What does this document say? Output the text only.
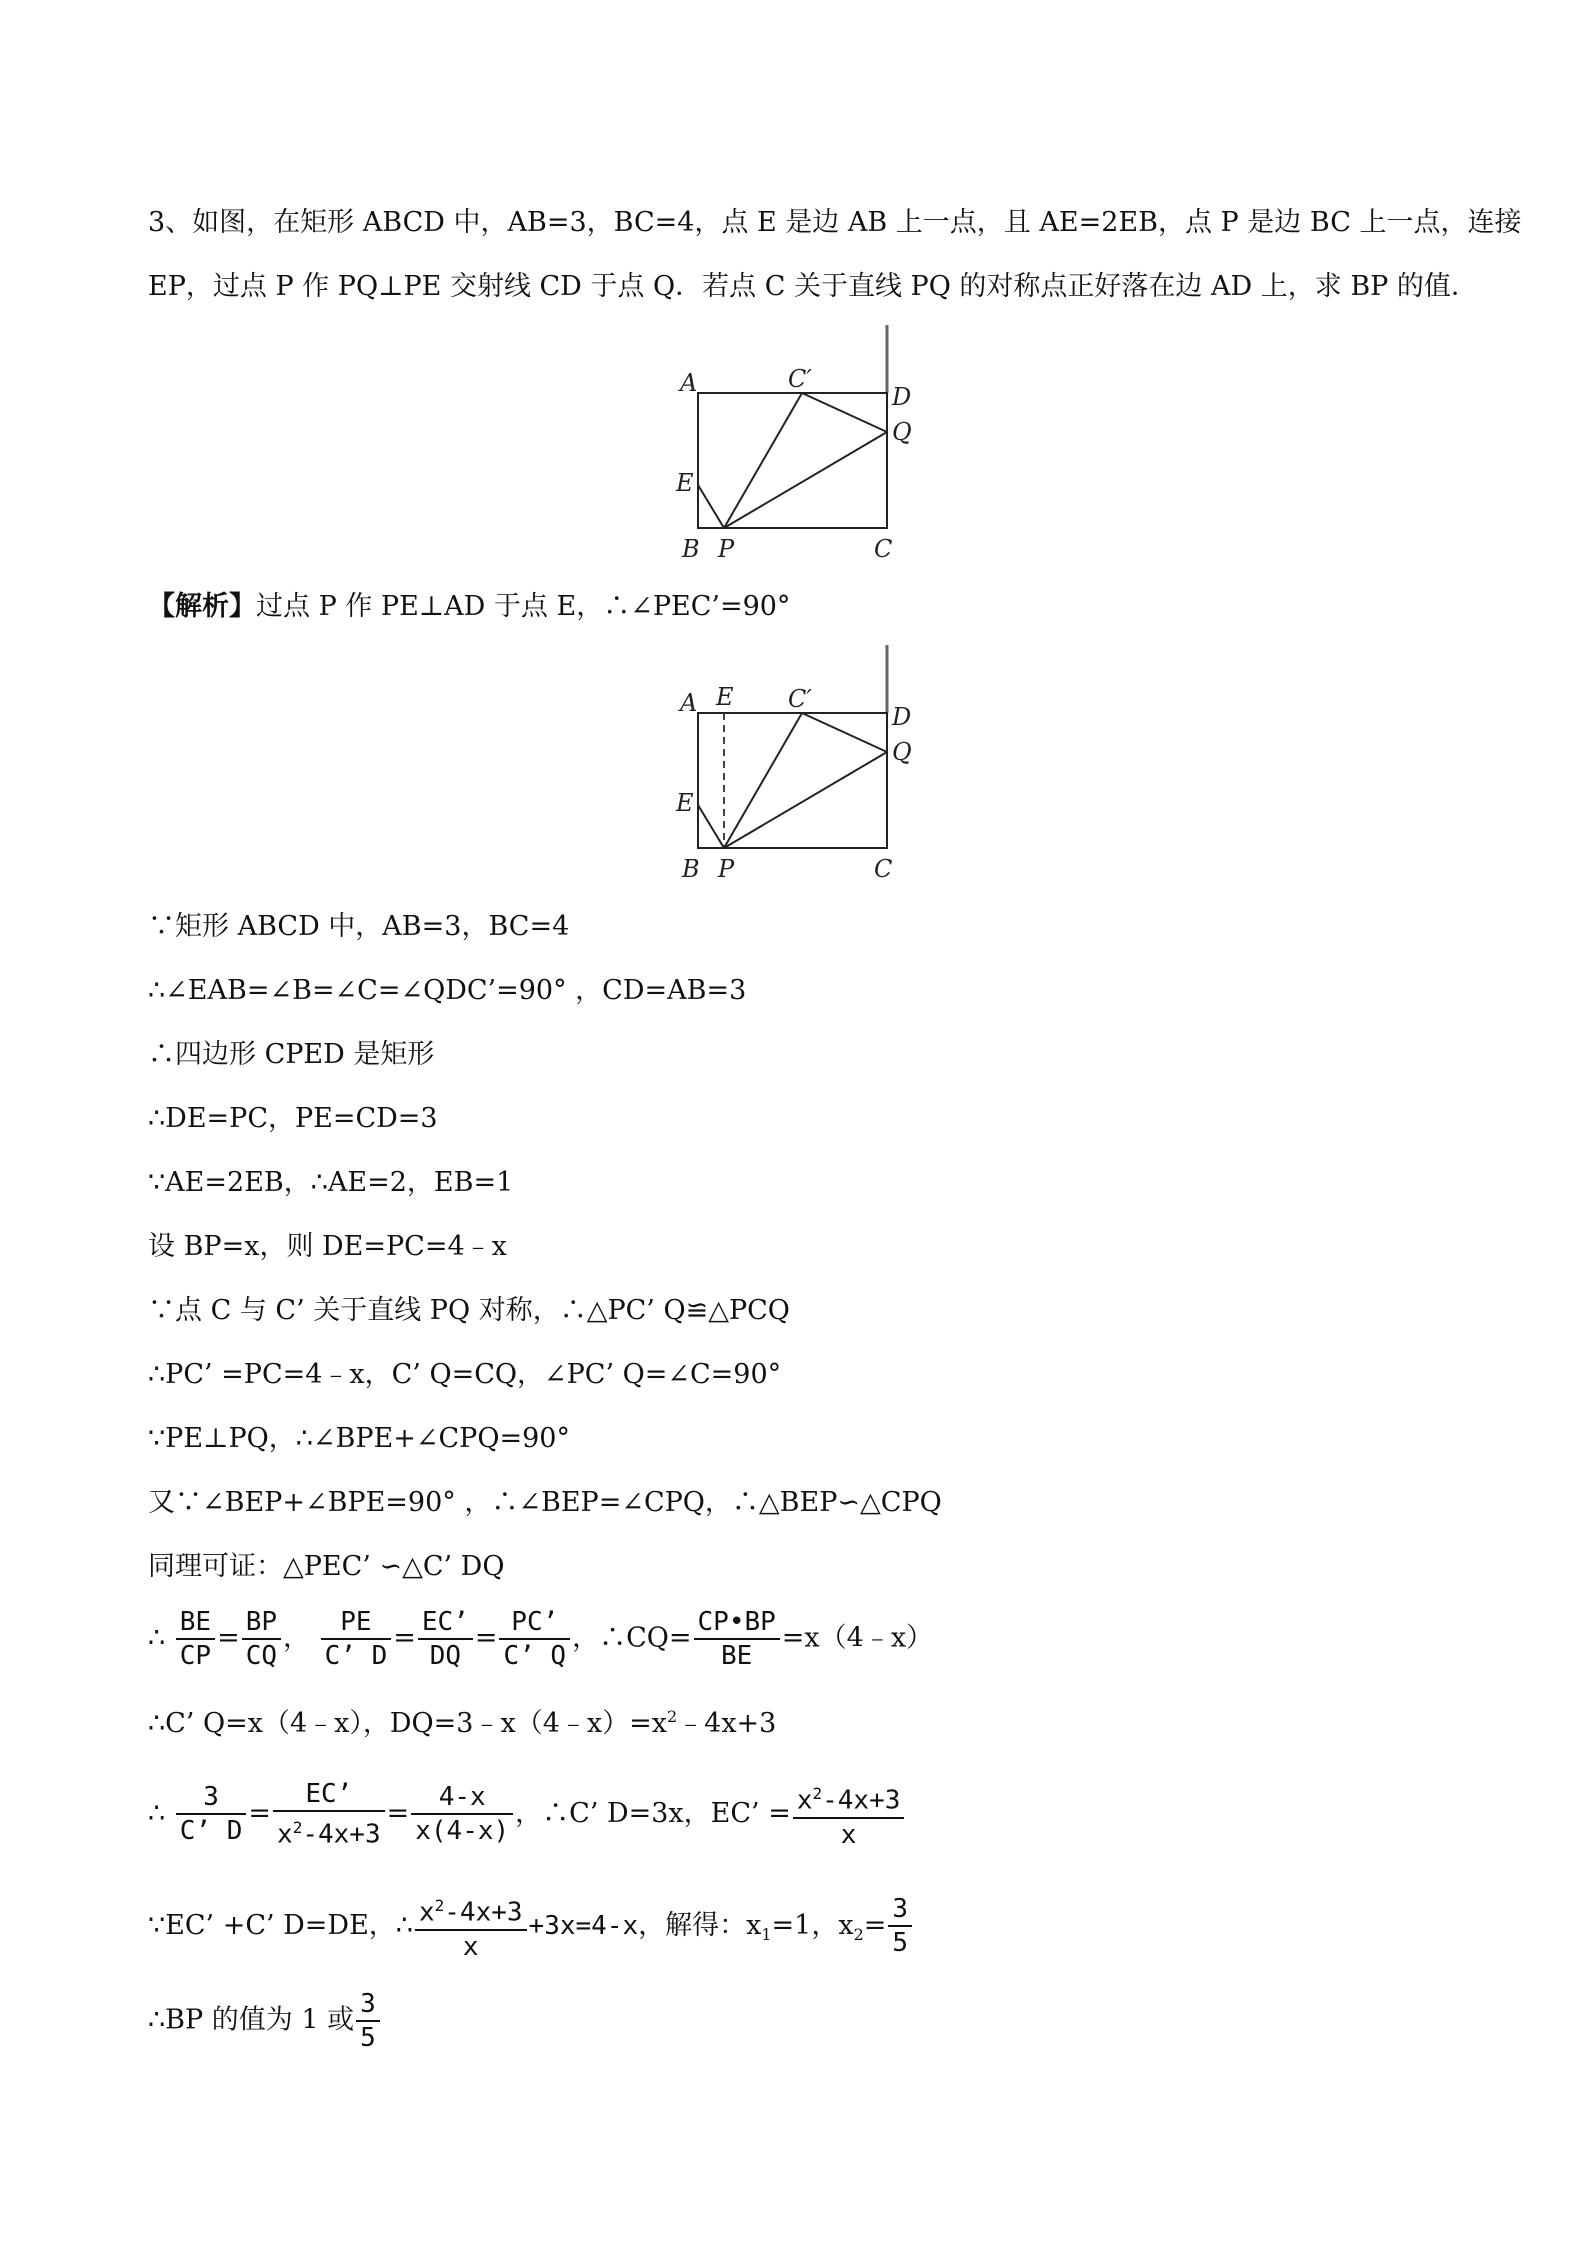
3、如图，在矩形 ABCD 中，AB=3，BC=4，点 E 是边 AB 上一点，且 AE=2EB，点 P 是边 BC 上一点，连接
EP，过点 P 作 PQ⊥PE 交射线 CD 于点 Q．若点 C 关于直线 PQ 的对称点正好落在边 AD 上，求 BP 的值．
A	C′
D
Q
E
B P	C
【解析】过点 P 作 PE⊥AD 于点 E，∴∠PEC’=90°
A E C′
D
Q
E
B P	C
∵矩形 ABCD 中，AB=3，BC=4
∴∠EAB=∠B=∠C=∠QDC’=90° ，CD=AB=3
∴四边形 CPED 是矩形
∴DE=PC，PE=CD=3
∵AE=2EB，∴AE=2，EB=1
设 BP=x，则 DE=PC=4﹣x
∵点 C 与 C’ 关于直线 PQ 对称，∴△PC’ Q≌△PCQ
∴PC’ =PC=4﹣x，C’ Q=CQ，∠PC’ Q=∠C=90°
∵PE⊥PQ，∴∠BPE+∠CPQ=90°
又∵∠BEP+∠BPE=90° ，∴∠BEP=∠CPQ，∴△BEP∽△CPQ
同理可证：△PEC’ ∽△C’ DQ
∴ $\frac{BE}{CP} = \frac{BP}{CQ}$ ， $\frac{PE}{C’ D} = \frac{EC’}{DQ} = \frac{PC’}{C’ Q}$ ，∴CQ= $\frac{CP•BP}{BE}$ =x（4﹣x）
∴C’ Q=x（4﹣x），$DQ=3﹣x(4﹣x)=x^2﹣4x+3$
∴ $\frac{3}{C’ D} = \frac{EC’}{x^2-4x+3} = \frac{4-x}{x(4-x)}$ ，∴C’ D=3x，EC’ = $\frac{x^2-4x+3}{x}$
∵EC’ +C’ D=DE，∴ $\frac{x^2-4x+3}{x} +3x=4-x$，解得：$x_1=1$，$x_2= \frac{3}{5}$
∴BP 的值为 1 或 $\frac{3}{5}$
